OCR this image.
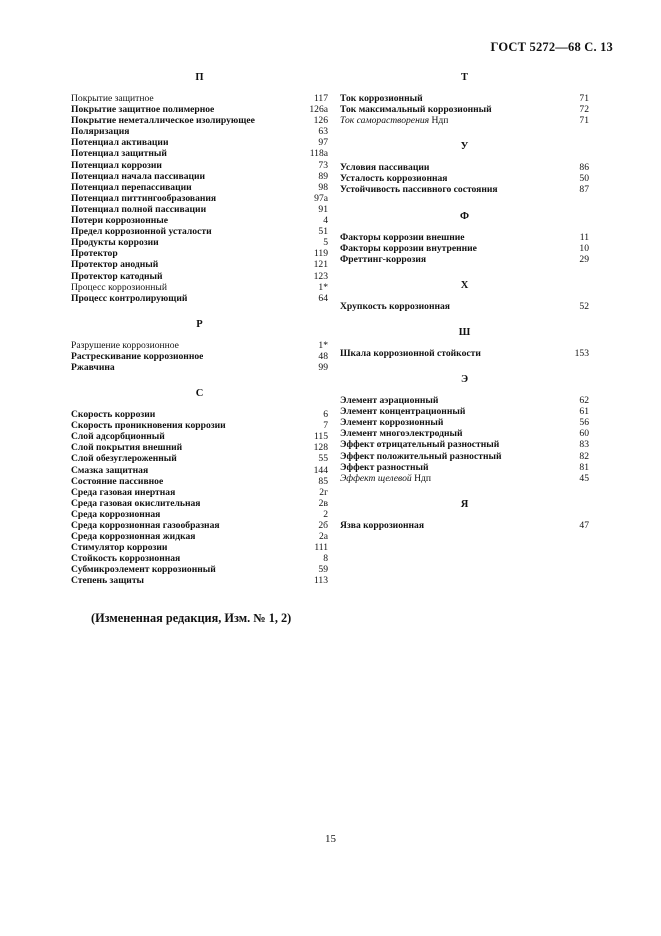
ГОСТ 5272—68 С. 13
П
Покрытие защитное	117
Покрытие защитное полимерное	126а
Покрытие неметаллическое изолирующее	126
Поляризация	63
Потенциал активации	97
Потенциал защитный	118а
Потенциал коррозии	73
Потенциал начала пассивации	89
Потенциал перепассивации	98
Потенциал питтингообразования	97а
Потенциал полной пассивации	91
Потери коррозионные	4
Предел коррозионной усталости	51
Продукты коррозии	5
Протектор	119
Протектор анодный	121
Протектор катодный	123
Процесс коррозионный	1*
Процесс контролирующий	64
Р
Разрушение коррозионное	1*
Растрескивание коррозионное	48
Ржавчина	99
С
Скорость коррозии	6
Скорость проникновения коррозии	7
Слой адсорбционный	115
Слой покрытия внешний	128
Слой обезуглероженный	55
Смазка защитная	144
Состояние пассивное	85
Среда газовая инертная	2г
Среда газовая окислительная	2в
Среда коррозионная	2
Среда коррозионная газообразная	2б
Среда коррозионная жидкая	2а
Стимулятор коррозии	111
Стойкость коррозионная	8
Субмикроэлемент коррозионный	59
Степень защиты	113
Т
Ток коррозионный	71
Ток максимальный коррозионный	72
Ток саморастворения Ндп	71
У
Условия пассивации	86
Усталость коррозионная	50
Устойчивость пассивного состояния	87
Ф
Факторы коррозии внешние	11
Факторы коррозии внутренние	10
Фреттинг-коррозия	29
Х
Хрупкость коррозионная	52
Ш
Шкала коррозионной стойкости	153
Э
Элемент аэрационный	62
Элемент концентрационный	61
Элемент коррозионный	56
Элемент многоэлектродный	60
Эффект отрицательный разностный	83
Эффект положительный разностный	82
Эффект разностный	81
Эффект щелевой Ндп	45
Я
Язва коррозионная	47
(Измененная редакция, Изм. № 1, 2)
15
